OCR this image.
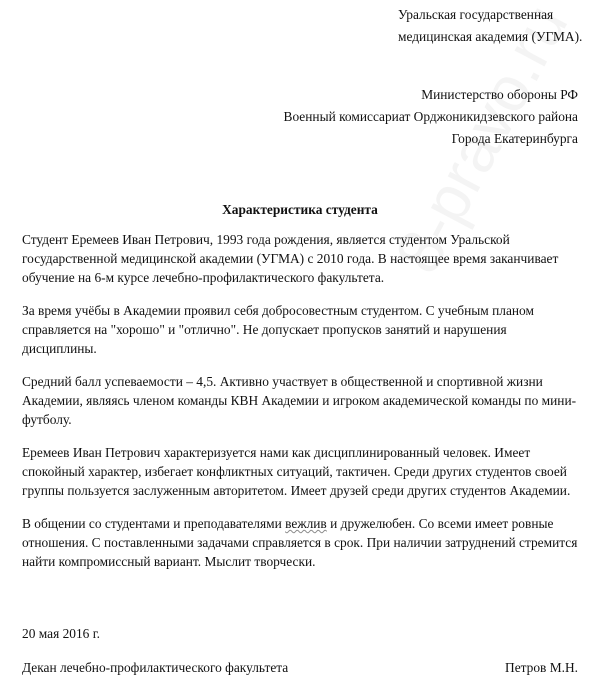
Уральская государственная
медицинская академия (УГМА).
Министерство обороны РФ
Военный комиссариат Орджоникидзевского района
Города Екатеринбурга
Характеристика студента

Студент Еремеев Иван Петрович, 1993 года рождения, является студентом Уральской государственной медицинской академии (УГМА) с 2010 года. В настоящее время заканчивает обучение на 6-м курсе лечебно-профилактического факультета.

За время учёбы в Академии проявил себя добросовестным студентом. С учебным планом справляется на "хорошо" и "отлично". Не допускает пропусков занятий и нарушения дисциплины.

Средний балл успеваемости – 4,5. Активно участвует в общественной и спортивной жизни Академии, являясь членом команды КВН Академии и игроком академической команды по мини-футболу.

Еремеев Иван Петрович характеризуется нами как дисциплинированный человек. Имеет спокойный характер, избегает конфликтных ситуаций, тактичен. Среди других студентов своей группы пользуется заслуженным авторитетом. Имеет друзей среди других студентов Академии.

В общении со студентами и преподавателями вежлив и дружелюбен. Со всеми имеет ровные отношения. С поставленными задачами справляется в срок. При наличии затруднений стремится найти компромиссный вариант. Мыслит творчески.

20 мая 2016 г.
Декан лечебно-профилактического факультета	Петров М.Н.
